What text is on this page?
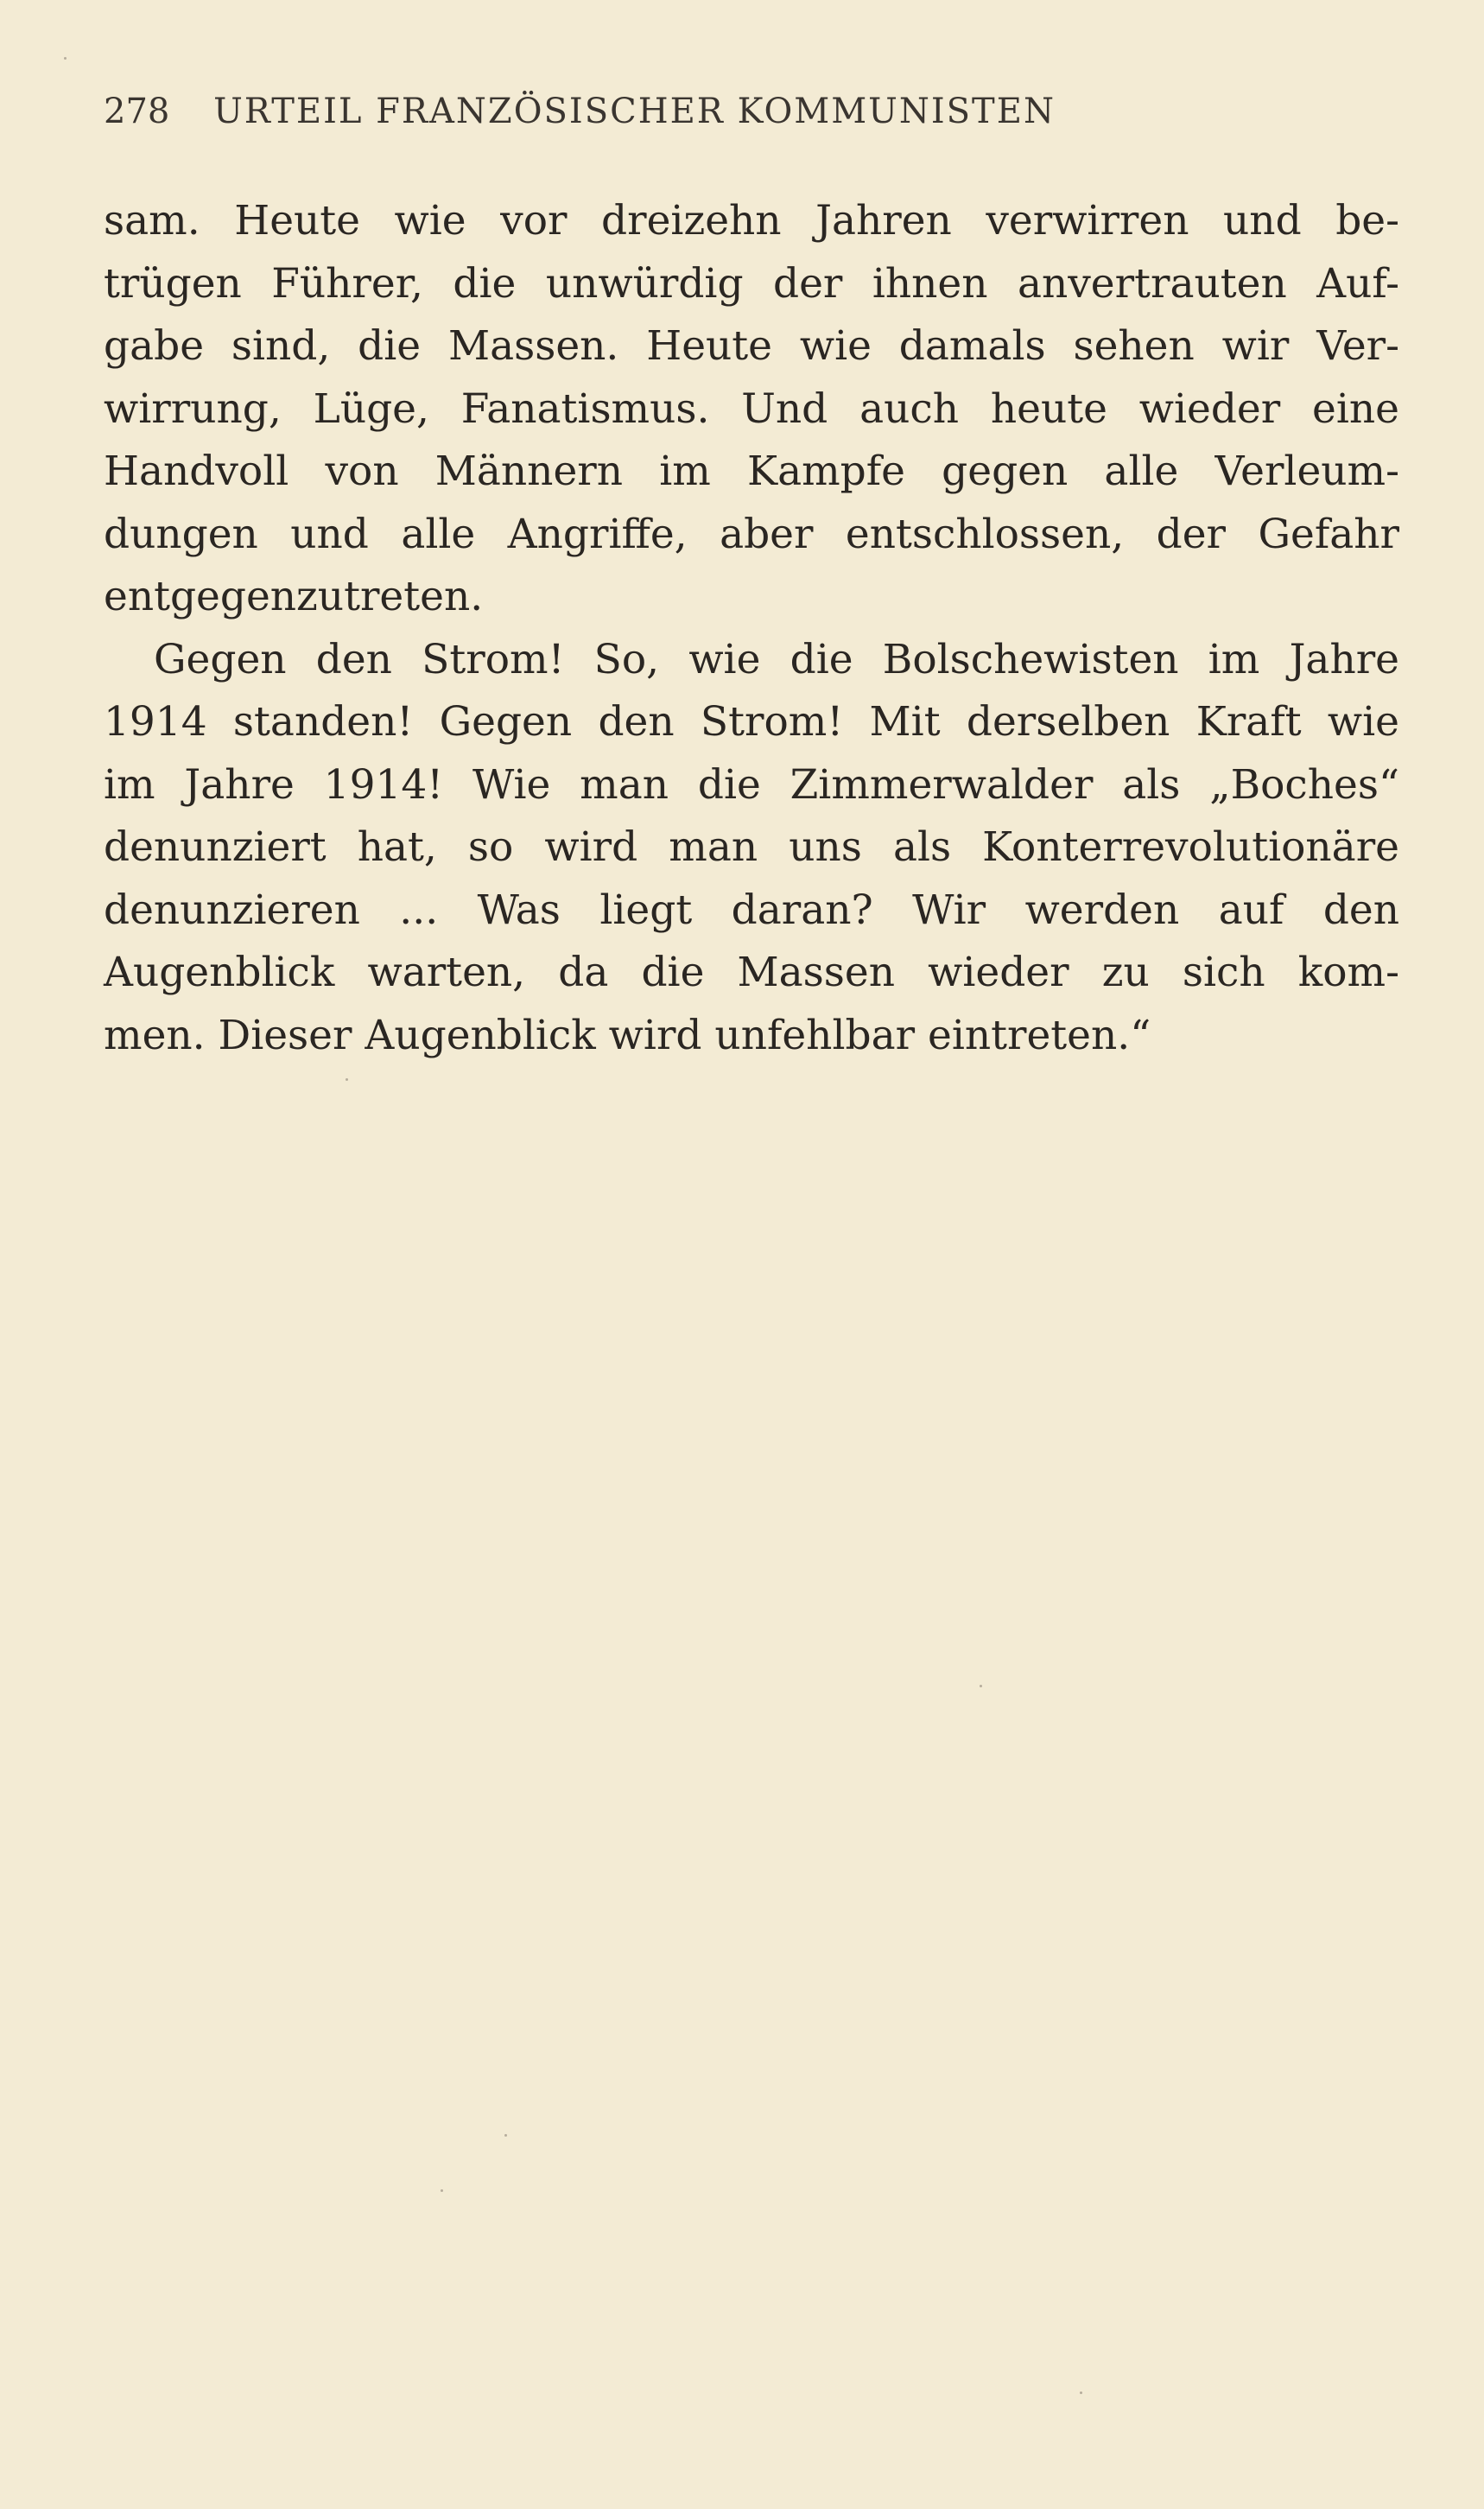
278 URTEIL FRANZÖSISCHER KOMMUNISTEN
sam. Heute wie vor dreizehn Jahren verwirren und be-
trügen Führer, die unwürdig der ihnen anvertrauten Auf-
gabe sind, die Massen. Heute wie damals sehen wir Ver-
wirrung, Lüge, Fanatismus. Und auch heute wieder eine
Handvoll von Männern im Kampfe gegen alle Verleum-
dungen und alle Angriffe, aber entschlossen, der Gefahr
entgegenzutreten.
Gegen den Strom! So, wie die Bolschewisten im Jahre
1914 standen! Gegen den Strom! Mit derselben Kraft wie
im Jahre 1914! Wie man die Zimmerwalder als „Boches“
denunziert hat, so wird man uns als Konterrevolutionäre
denunzieren ... Was liegt daran? Wir werden auf den
Augenblick warten, da die Massen wieder zu sich kom-
men. Dieser Augenblick wird unfehlbar eintreten.“
